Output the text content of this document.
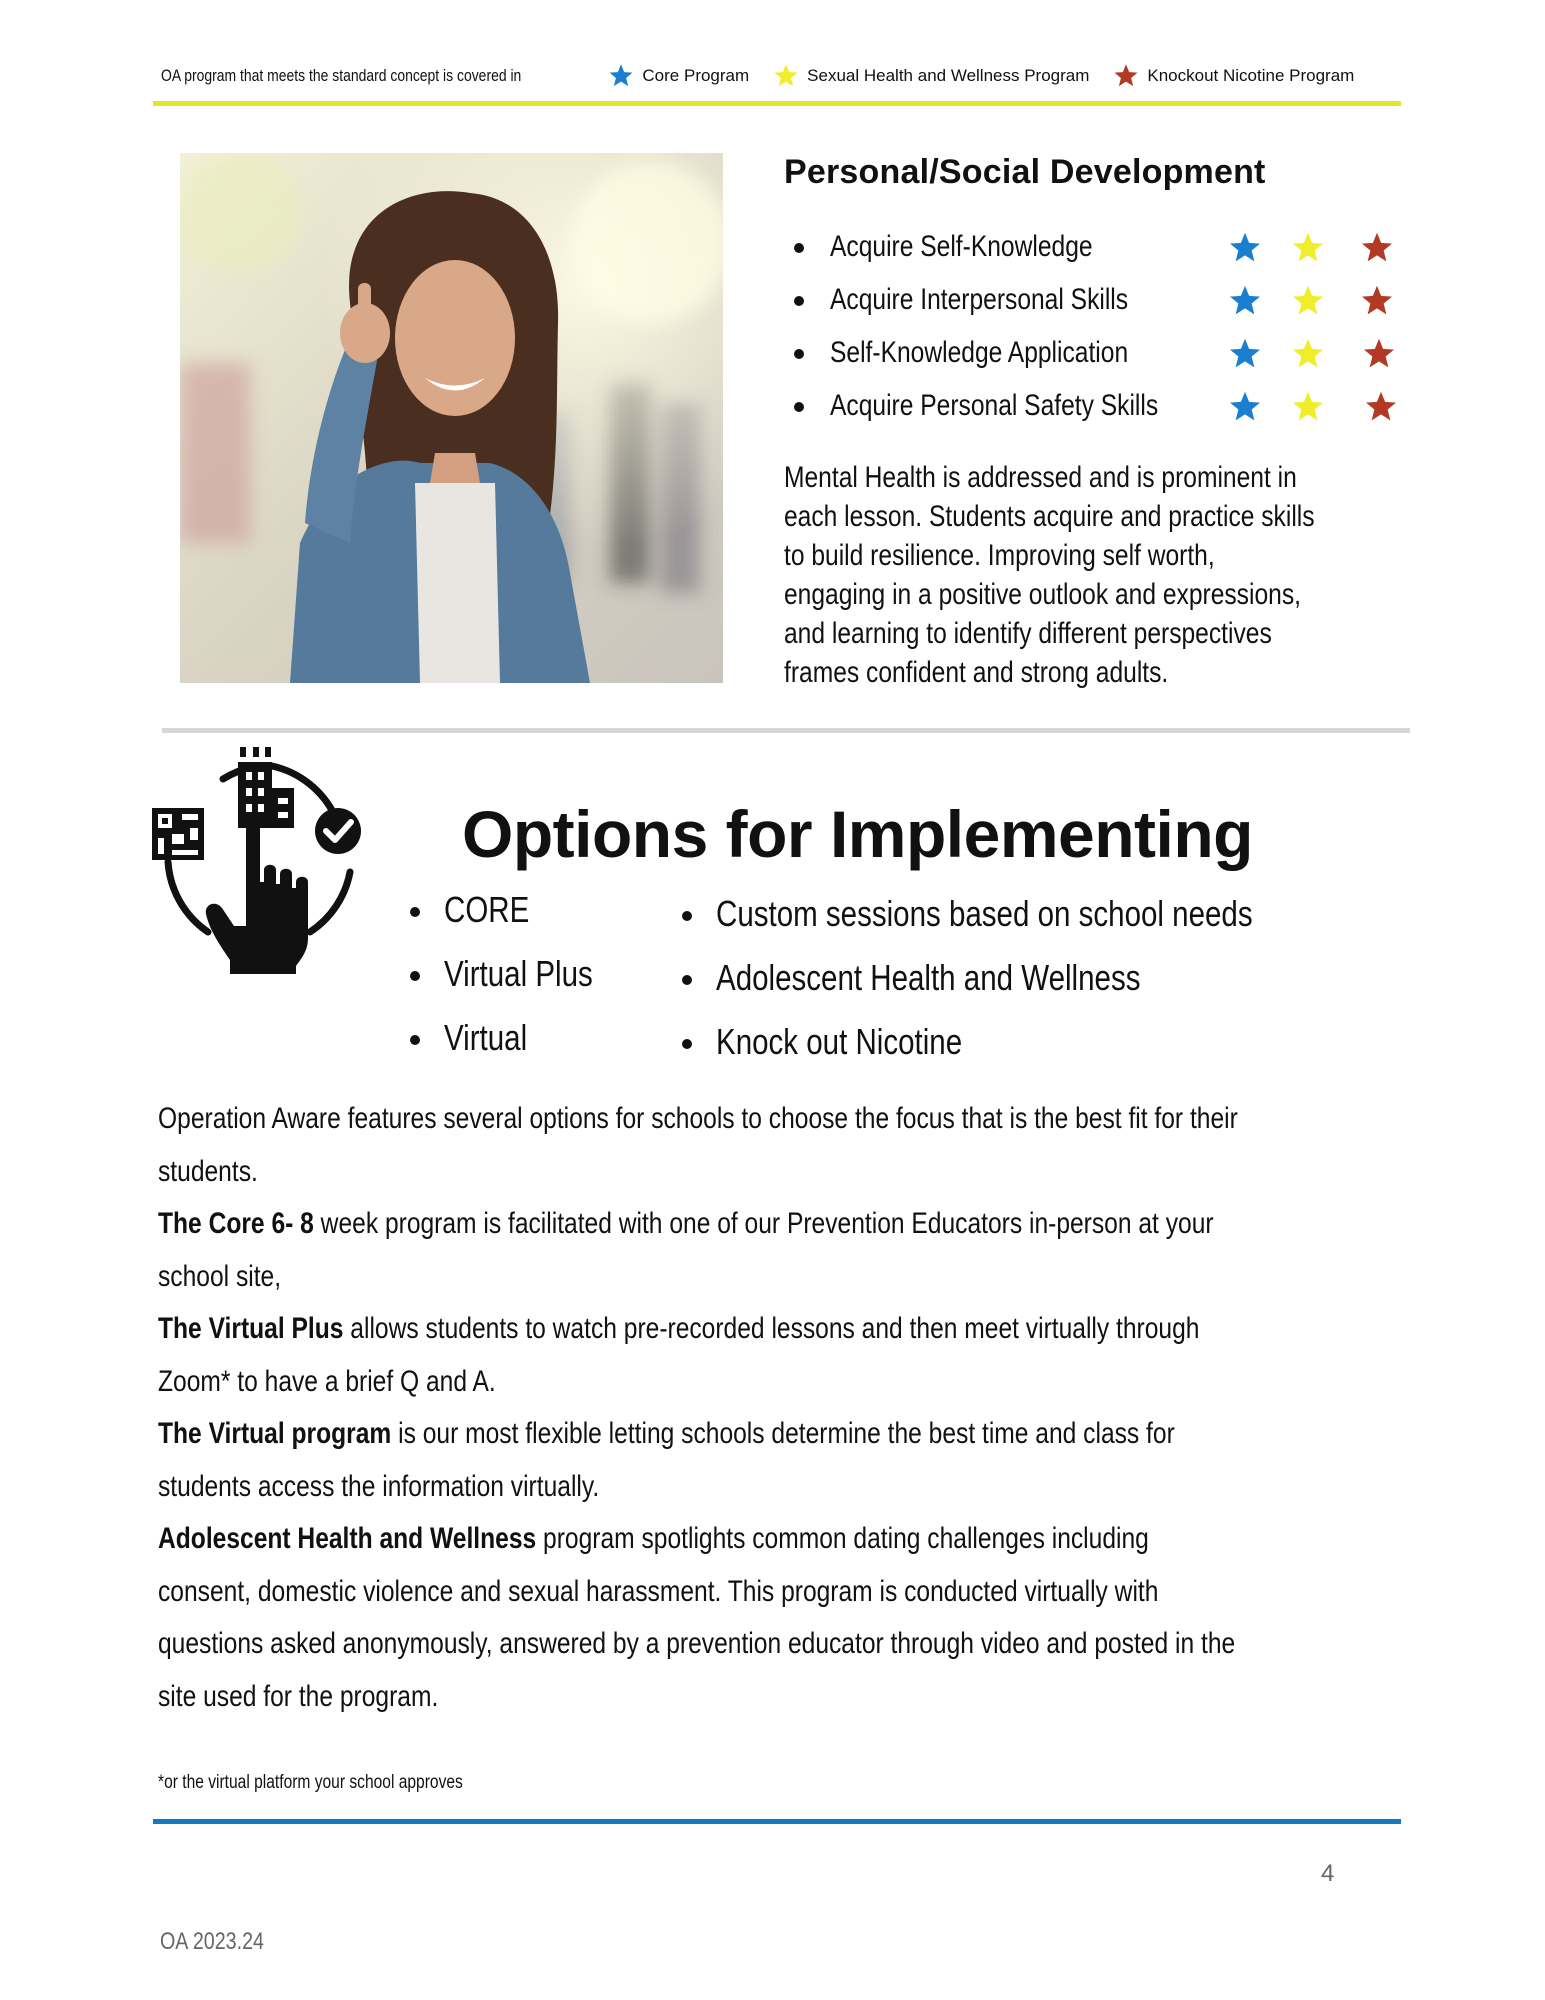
OA program that meets the standard concept is covered in	Core Program	Sexual Health and Wellness Program	Knockout Nicotine Program
Personal/Social Development
Acquire Self-Knowledge
Acquire Interpersonal Skills
Self-Knowledge Application
Acquire Personal Safety Skills
Mental Health is addressed and is prominent in
each lesson. Students acquire and practice skills
to build resilience. Improving self worth,
engaging in a positive outlook and expressions,
and learning to identify different perspectives
frames confident and strong adults.
Options for Implementing
CORE
Virtual Plus
Virtual
Custom sessions based on school needs
Adolescent Health and Wellness
Knock out Nicotine
Operation Aware features several options for schools to choose the focus that is the best fit for their
students.
The Core 6- 8 week program is facilitated with one of our Prevention Educators in-person at your
school site,
The Virtual Plus allows students to watch pre-recorded lessons and then meet virtually through
Zoom* to have a brief Q and A.
The Virtual program is our most flexible letting schools determine the best time and class for
students access the information virtually.
Adolescent Health and Wellness program spotlights common dating challenges including
consent, domestic violence and sexual harassment. This program is conducted virtually with
questions asked anonymously, answered by a prevention educator through video and posted in the
site used for the program.
*or the virtual platform your school approves
4
OA 2023.24
